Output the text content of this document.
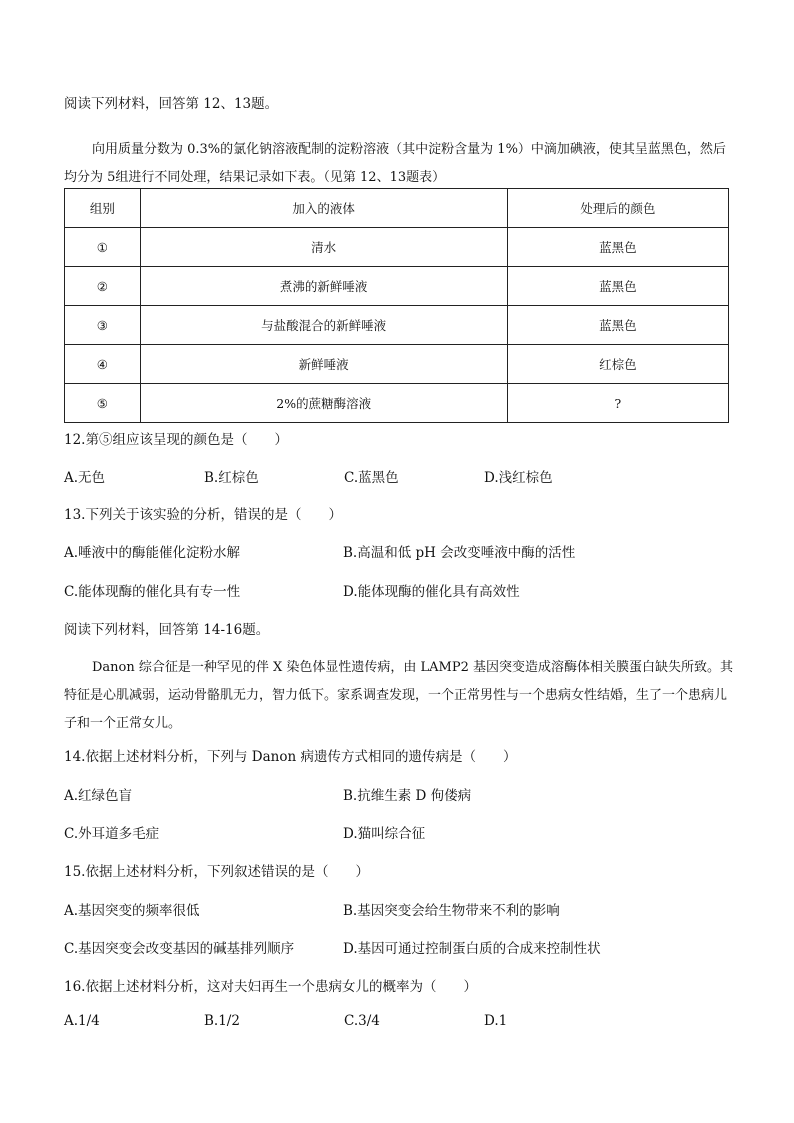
阅读下列材料，回答第 12、13题。
向用质量分数为 0.3%的氯化钠溶液配制的淀粉溶液（其中淀粉含量为 1%）中滴加碘液，使其呈蓝黑色，然后均分为 5组进行不同处理，结果记录如下表。（见第 12、13题表）
组别	加入的液体	处理后的颜色
①	清水	蓝黑色
②	煮沸的新鲜唾液	蓝黑色
③	与盐酸混合的新鲜唾液	蓝黑色
④	新鲜唾液	红棕色
⑤	2%的蔗糖酶溶液	?
12.第⑤组应该呈现的颜色是（　　）
A.无色	B.红棕色	C.蓝黑色	D.浅红棕色
13.下列关于该实验的分析，错误的是（　　）
A.唾液中的酶能催化淀粉水解	B.高温和低 pH 会改变唾液中酶的活性
C.能体现酶的催化具有专一性	D.能体现酶的催化具有高效性
阅读下列材料，回答第 14-16题。
Danon 综合征是一种罕见的伴 X 染色体显性遗传病，由 LAMP2 基因突变造成溶酶体相关膜蛋白缺失所致。其特征是心肌减弱，运动骨骼肌无力，智力低下。家系调查发现，一个正常男性与一个患病女性结婚，生了一个患病儿子和一个正常女儿。
14.依据上述材料分析，下列与 Danon 病遗传方式相同的遗传病是（　　）
A.红绿色盲	B.抗维生素 D 佝偻病
C.外耳道多毛症	D.猫叫综合征
15.依据上述材料分析，下列叙述错误的是（　　）
A.基因突变的频率很低	B.基因突变会给生物带来不利的影响
C.基因突变会改变基因的碱基排列顺序	D.基因可通过控制蛋白质的合成来控制性状
16.依据上述材料分析，这对夫妇再生一个患病女儿的概率为（　　）
A.1/4	B.1/2	C.3/4	D.1
